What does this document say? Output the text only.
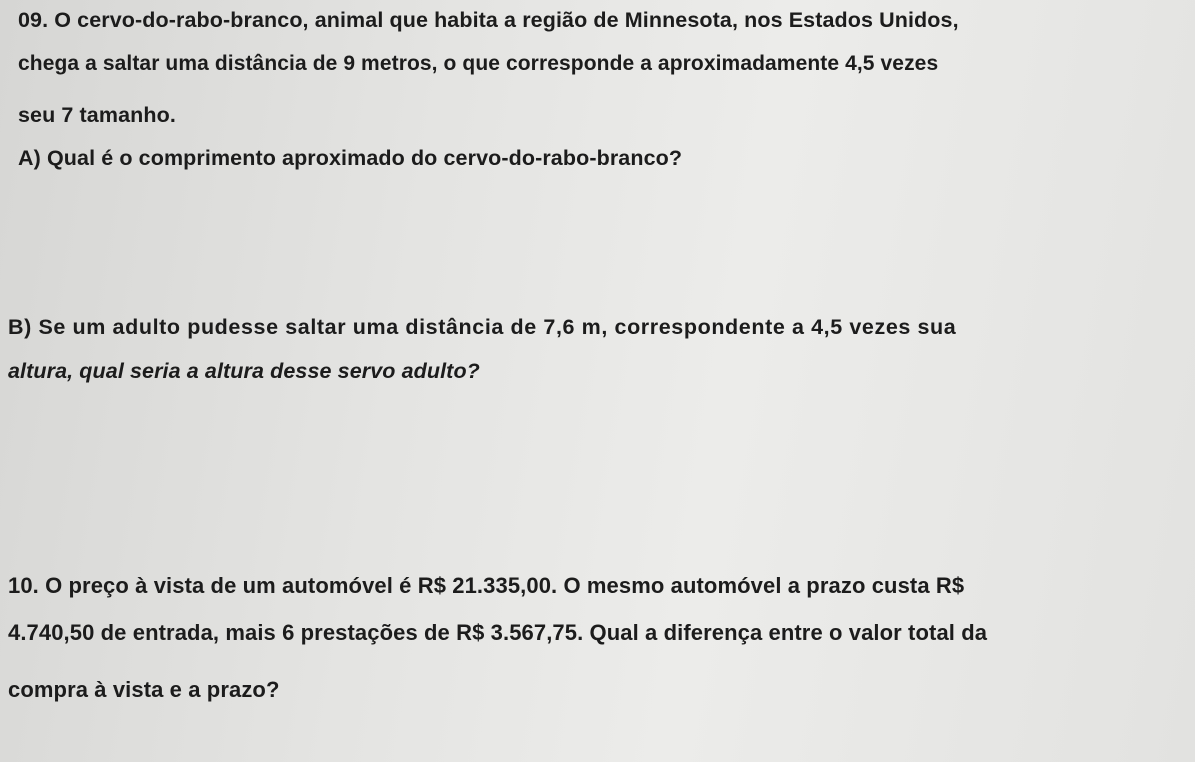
09. O cervo-do-rabo-branco, animal que habita a região de Minnesota, nos Estados Unidos,
chega a saltar uma distância de 9 metros, o que corresponde a aproximadamente 4,5 vezes
seu 7 tamanho.
A) Qual é o comprimento aproximado do cervo-do-rabo-branco?
B) Se um adulto pudesse saltar uma distância de 7,6 m, correspondente a 4,5 vezes sua
altura, qual seria a altura desse servo adulto?
10. O preço à vista de um automóvel é R$ 21.335,00. O mesmo automóvel a prazo custa R$
4.740,50 de entrada, mais 6 prestações de R$ 3.567,75. Qual a diferença entre o valor total da
compra à vista e a prazo?
